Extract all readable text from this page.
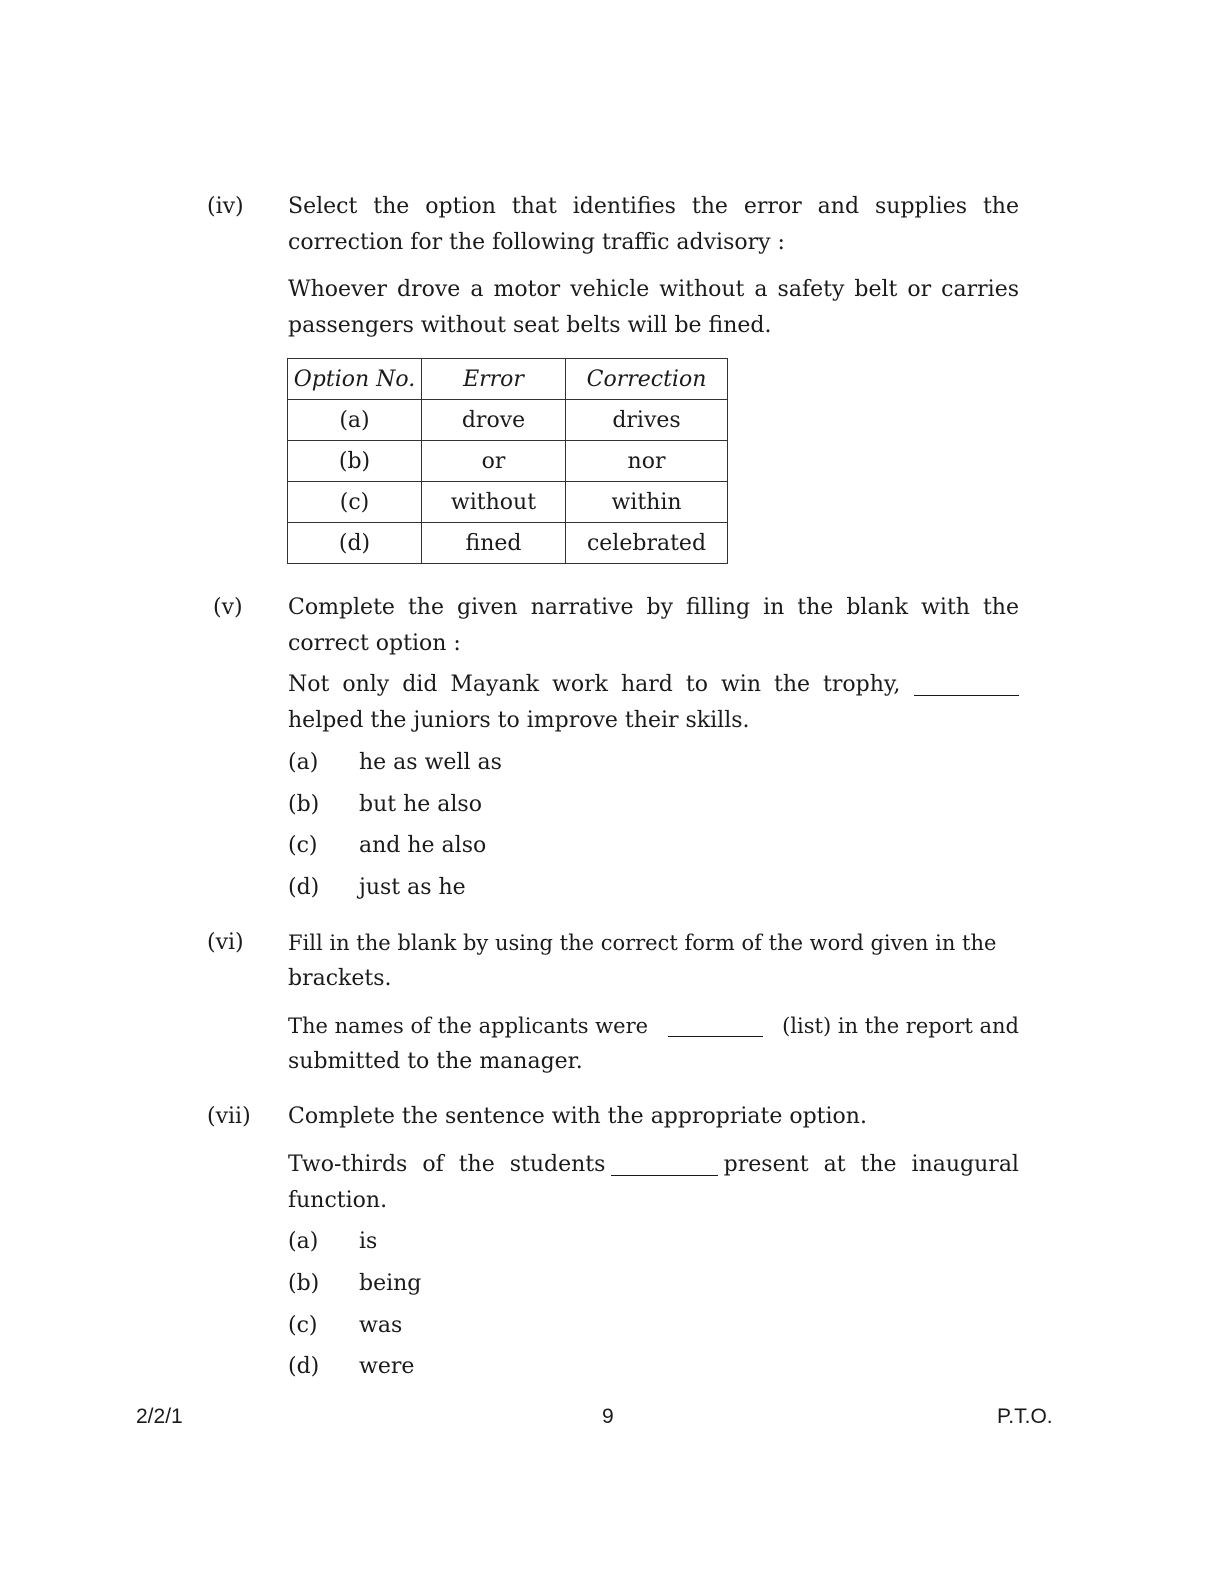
(iv) Select the option that identifies the error and supplies the
correction for the following traffic advisory :
Whoever drove a motor vehicle without a safety belt or carries
passengers without seat belts will be fined.
Option No.	Error	Correction
(a)	drove	drives
(b)	or	nor
(c)	without	within
(d)	fined	celebrated
(v) Complete the given narrative by filling in the blank with the
correct option :
Not only did Mayank work hard to win the trophy,
helped the juniors to improve their skills.
(a) he as well as
(b) but he also
(c) and he also
(d) just as he
(vi) Fill in the blank by using the correct form of the word given in the
brackets.
The names of the applicants were	(list) in the report and
submitted to the manager.
(vii) Complete the sentence with the appropriate option.
Two-thirds of the students	present at the inaugural
function.
(a) is
(b) being
(c) was
(d) were
2/2/1	9	P.T.O.
